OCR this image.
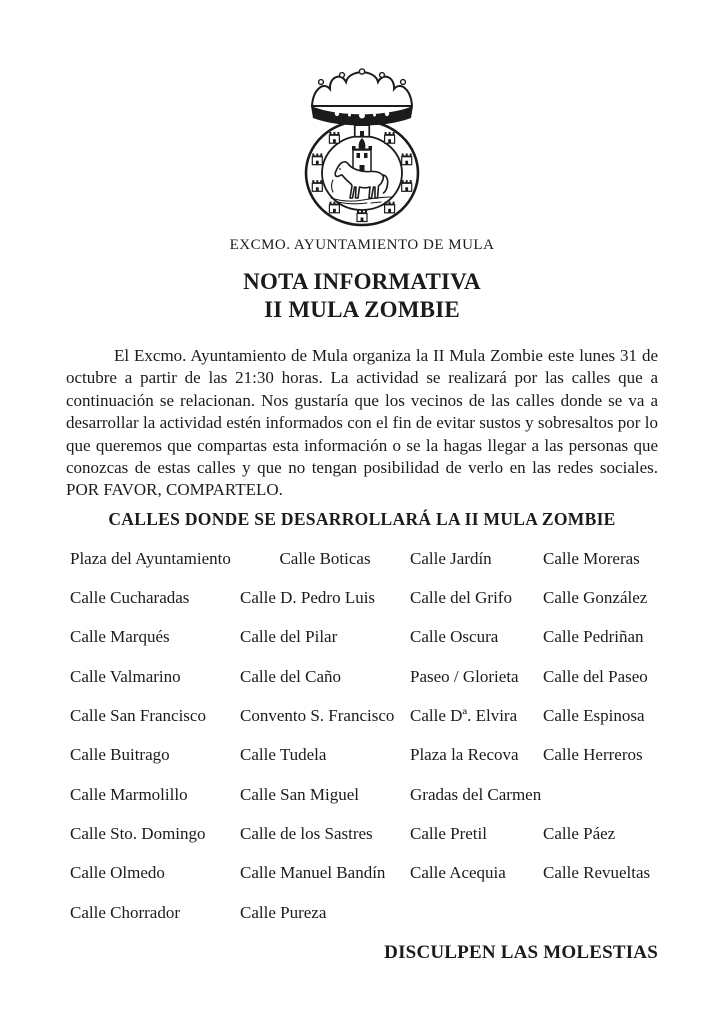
EXCMO. AYUNTAMIENTO DE MULA
NOTA INFORMATIVA
II MULA ZOMBIE

El Excmo. Ayuntamiento de Mula organiza la II Mula Zombie este lunes 31 de octubre a partir de las 21:30 horas. La actividad se realizará por las calles que a continuación se relacionan. Nos gustaría que los vecinos de las calles donde se va a desarrollar la actividad estén informados con el fin de evitar sustos y sobresaltos por lo que queremos que compartas esta información o se la hagas llegar a las personas que conozcas de estas calles y que no tengan posibilidad de verlo en las redes sociales. POR FAVOR, COMPARTELO.

CALLES DONDE SE DESARROLLARÁ LA II MULA ZOMBIE
Plaza del Ayuntamiento	Calle Boticas	Calle Jardín	Calle Moreras
Calle Cucharadas	Calle D. Pedro Luis	Calle del Grifo	Calle González
Calle Marqués	Calle del Pilar	Calle Oscura	Calle Pedriñan
Calle Valmarino	Calle del Caño	Paseo / Glorieta	Calle del Paseo
Calle San Francisco	Convento S. Francisco	Calle Dª. Elvira	Calle Espinosa
Calle Buitrago	Calle Tudela	Plaza la Recova	Calle Herreros
Calle Marmolillo	Calle San Miguel	Gradas del Carmen	
Calle Sto. Domingo	Calle de los Sastres	Calle Pretil	Calle Páez
Calle Olmedo	Calle Manuel Bandín	Calle Acequia	Calle Revueltas
Calle Chorrador	Calle Pureza		
DISCULPEN LAS MOLESTIAS
